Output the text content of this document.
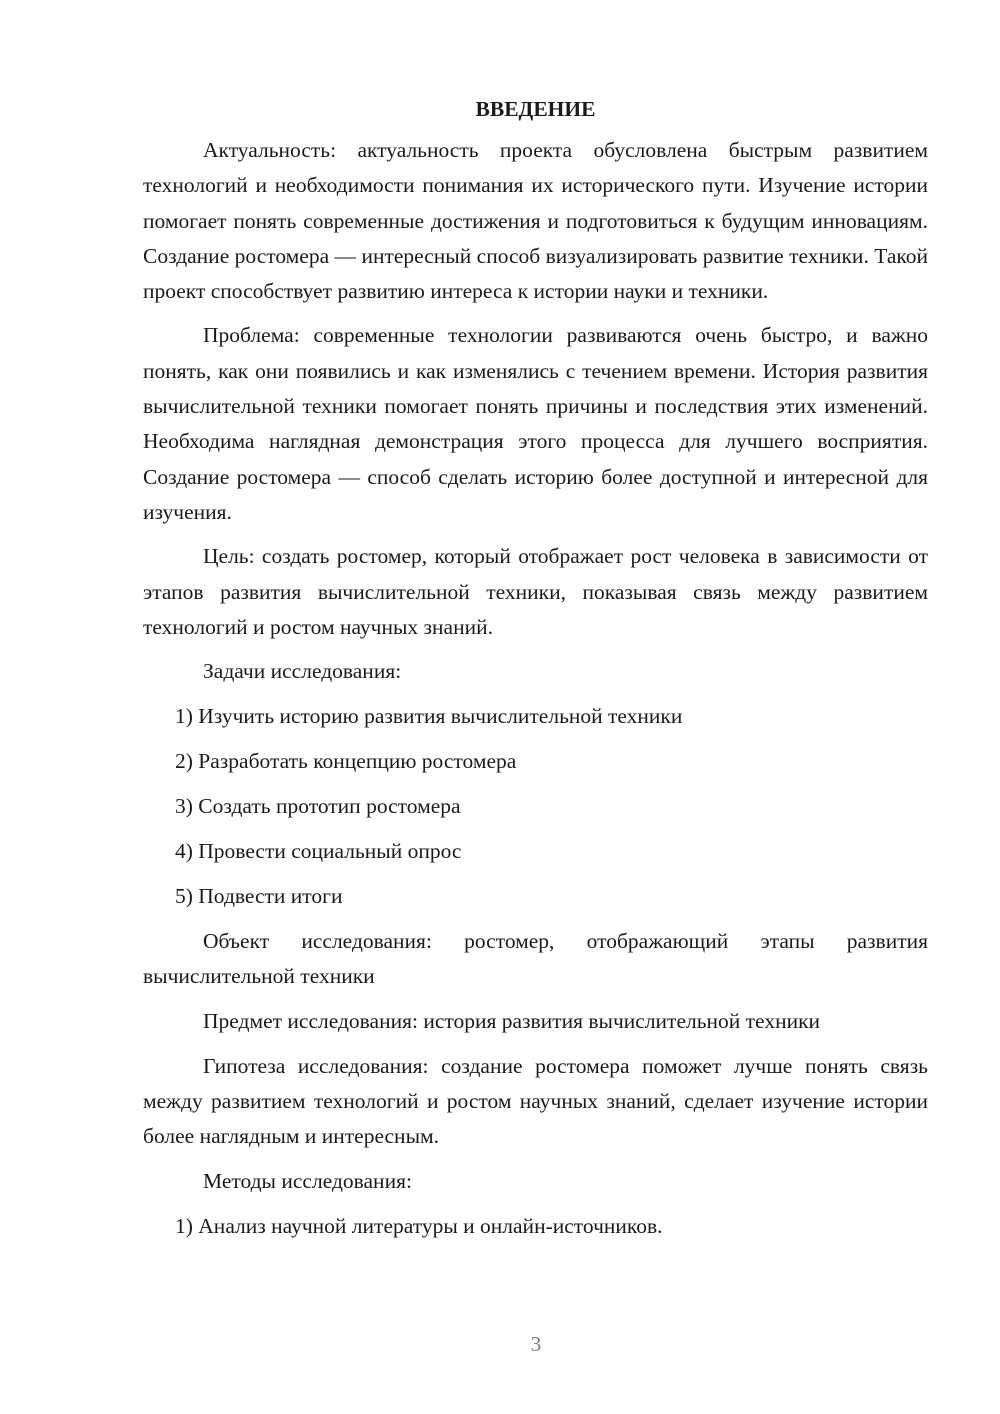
ВВЕДЕНИЕ

Актуальность: актуальность проекта обусловлена быстрым развитием технологий и необходимости понимания их исторического пути. Изучение истории помогает понять современные достижения и подготовиться к будущим инновациям. Создание ростомера — интересный способ визуализировать развитие техники. Такой проект способствует развитию интереса к истории науки и техники.

Проблема: современные технологии развиваются очень быстро, и важно понять, как они появились и как изменялись с течением времени. История развития вычислительной техники помогает понять причины и последствия этих изменений. Необходима наглядная демонстрация этого процесса для лучшего восприятия. Создание ростомера — способ сделать историю более доступной и интересной для изучения.

Цель: создать ростомер, который отображает рост человека в зависимости от этапов развития вычислительной техники, показывая связь между развитием технологий и ростом научных знаний.

Задачи исследования:
1) Изучить историю развития вычислительной техники
2) Разработать концепцию ростомера
3) Создать прототип ростомера
4) Провести социальный опрос
5) Подвести итоги

Объект исследования: ростомер, отображающий этапы развития вычислительной техники

Предмет исследования: история развития вычислительной техники

Гипотеза исследования: создание ростомера поможет лучше понять связь между развитием технологий и ростом научных знаний, сделает изучение истории более наглядным и интересным.

Методы исследования:
1) Анализ научной литературы и онлайн-источников.
3
